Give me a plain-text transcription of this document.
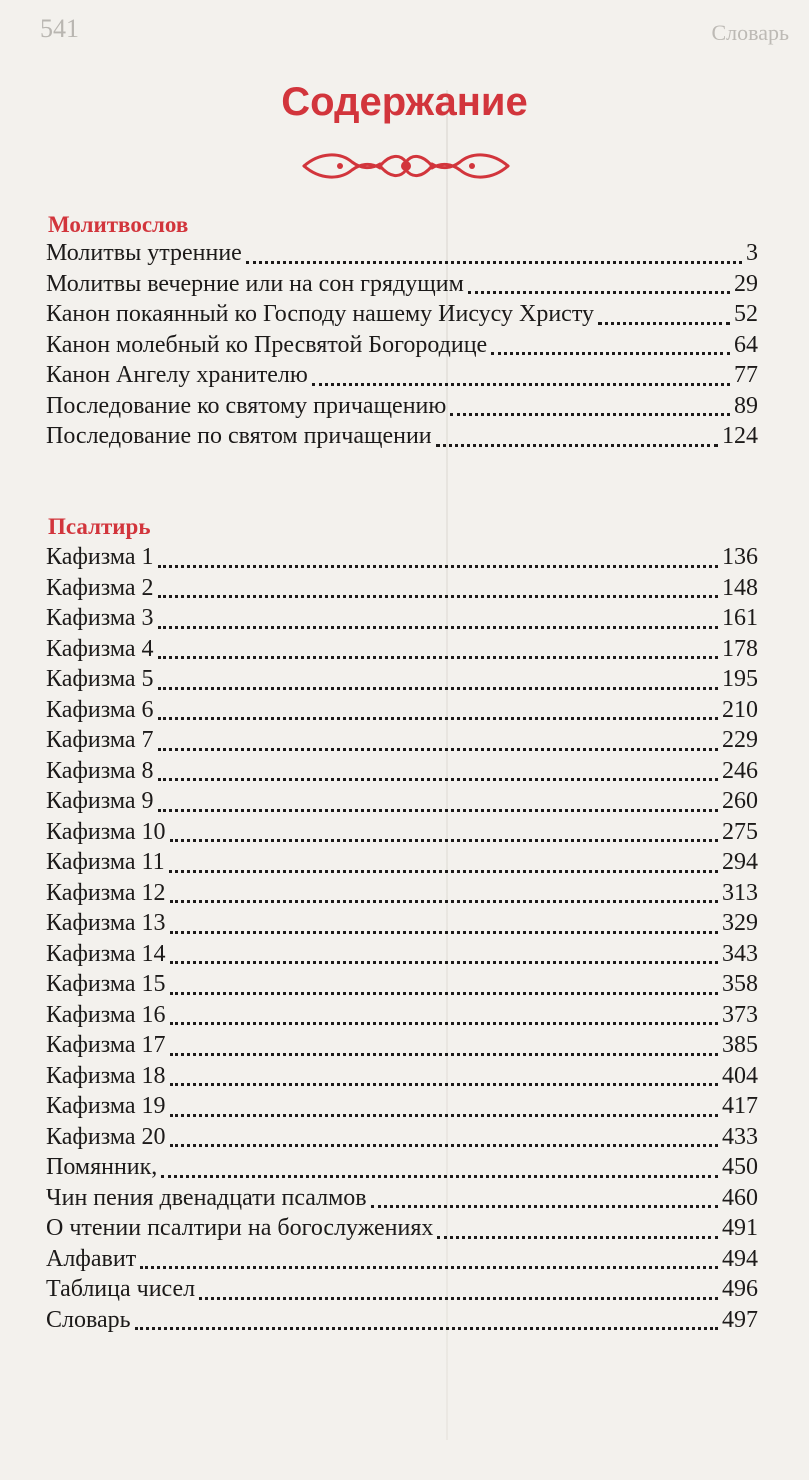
541	Словарь
Содержание
Молитвослов
Молитвы утренние	3
Молитвы вечерние или на сон грядущим	29
Канон покаянный ко Господу нашему Иисусу Христу	52
Канон молебный ко Пресвятой Богородице	64
Канон Ангелу хранителю	77
Последование ко святому причащению	89
Последование по святом причащении	124
Псалтирь
Кафизма 1	136
Кафизма 2	148
Кафизма 3	161
Кафизма 4	178
Кафизма 5	195
Кафизма 6	210
Кафизма 7	229
Кафизма 8	246
Кафизма 9	260
Кафизма 10	275
Кафизма 11	294
Кафизма 12	313
Кафизма 13	329
Кафизма 14	343
Кафизма 15	358
Кафизма 16	373
Кафизма 17	385
Кафизма 18	404
Кафизма 19	417
Кафизма 20	433
Помянник,	450
Чин пения двенадцати псалмов	460
О чтении псалтири на богослужениях	491
Алфавит	494
Таблица чисел	496
Словарь	497
